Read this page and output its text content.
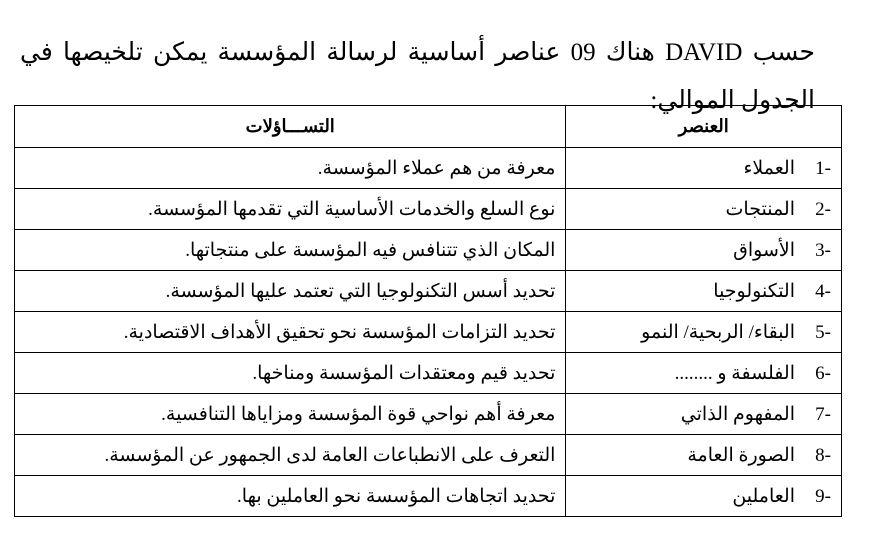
حسب DAVID هناك 09 عناصر أساسية لرسالة المؤسسة يمكن تلخيصها في الجدول الموالي:

العنصر	التســـاؤلات
-1العملاء	معرفة من هم عملاء المؤسسة.
-2المنتجات	نوع السلع والخدمات الأساسية التي تقدمها المؤسسة.
-3الأسواق	المكان الذي تتنافس فيه المؤسسة على منتجاتها.
-4التكنولوجيا	تحديد أسس التكنولوجيا التي تعتمد عليها المؤسسة.
-5البقاء/ الربحية/ النمو	تحديد التزامات المؤسسة نحو تحقيق الأهداف الاقتصادية.
-6الفلسفة و ........	تحديد قيم ومعتقدات المؤسسة ومناخها.
-7المفهوم الذاتي	معرفة أهم نواحي قوة المؤسسة ومزاياها التنافسية.
-8الصورة العامة	التعرف على الانطباعات العامة لدى الجمهور عن المؤسسة.
-9العاملين	تحديد اتجاهات المؤسسة نحو العاملين بها.
